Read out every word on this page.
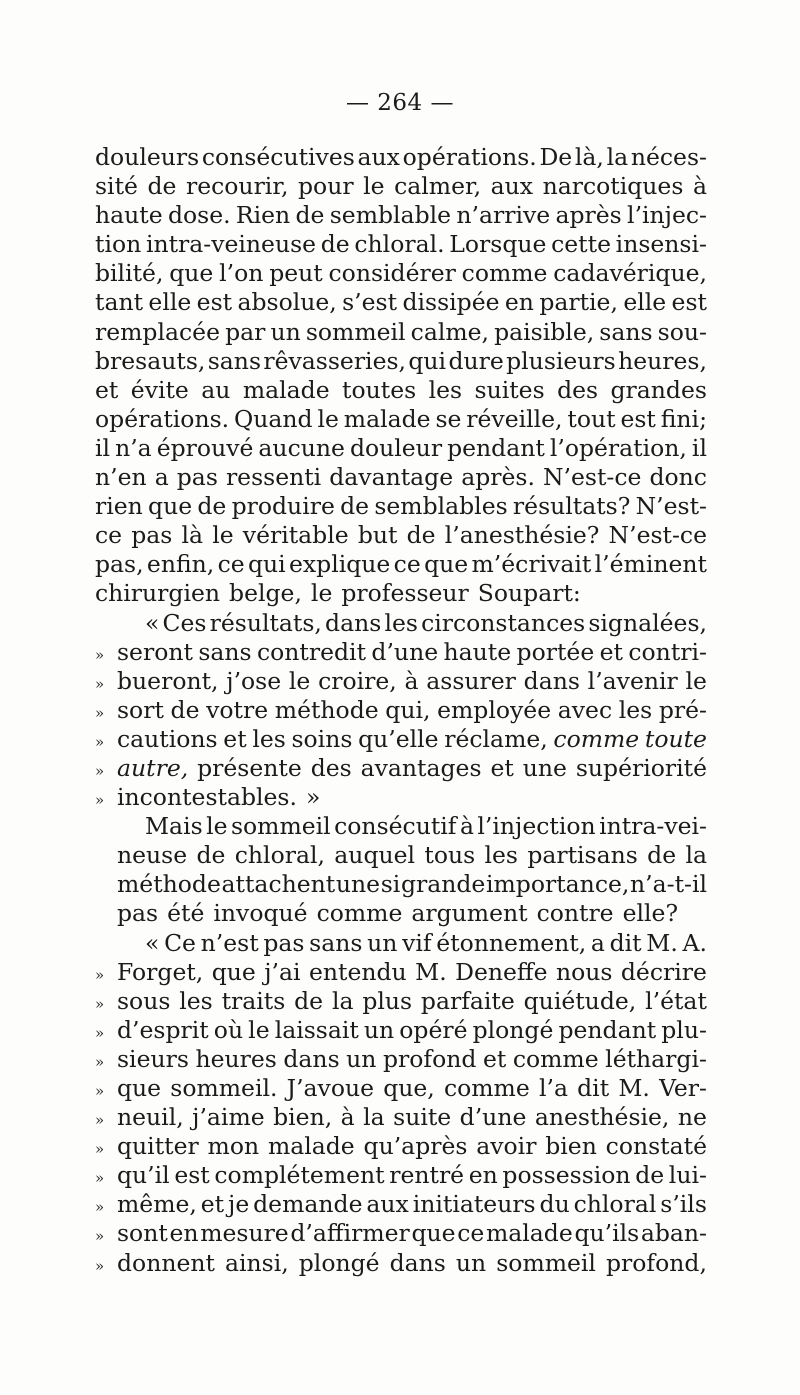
— 264 —
douleurs consécutives aux opérations. De là, la néces-
sité de recourir, pour le calmer, aux narcotiques à
haute dose. Rien de semblable n’arrive après l’injec-
tion intra-veineuse de chloral. Lorsque cette insensi-
bilité, que l’on peut considérer comme cadavérique,
tant elle est absolue, s’est dissipée en partie, elle est
remplacée par un sommeil calme, paisible, sans sou-
bresauts, sans rêvasseries, qui dure plusieurs heures,
et évite au malade toutes les suites des grandes
opérations. Quand le malade se réveille, tout est fini;
il n’a éprouvé aucune douleur pendant l’opération, il
n’en a pas ressenti davantage après. N’est-ce donc
rien que de produire de semblables résultats? N’est-
ce pas là le véritable but de l’anesthésie? N’est-ce
pas, enfin, ce qui explique ce que m’écrivait l’éminent
chirurgien belge, le professeur Soupart:
« Ces résultats, dans les circonstances signalées,
» seront sans contredit d’une haute portée et contri-
» bueront, j’ose le croire, à assurer dans l’avenir le
» sort de votre méthode qui, employée avec les pré-
» cautions et les soins qu’elle réclame, comme toute
» autre, présente des avantages et une supériorité
» incontestables. »
Mais le sommeil consécutif à l’injection intra-vei-
neuse de chloral, auquel tous les partisans de la
méthode attachent une si grande importance, n’a-t-il
pas été invoqué comme argument contre elle?
« Ce n’est pas sans un vif étonnement, a dit M. A.
» Forget, que j’ai entendu M. Deneffe nous décrire
» sous les traits de la plus parfaite quiétude, l’état
» d’esprit où le laissait un opéré plongé pendant plu-
» sieurs heures dans un profond et comme léthargi-
» que sommeil. J’avoue que, comme l’a dit M. Ver-
» neuil, j’aime bien, à la suite d’une anesthésie, ne
» quitter mon malade qu’après avoir bien constaté
» qu’il est complétement rentré en possession de lui-
» même, et je demande aux initiateurs du chloral s’ils
» sont en mesure d’affirmer que ce malade qu’ils aban-
» donnent ainsi, plongé dans un sommeil profond,
